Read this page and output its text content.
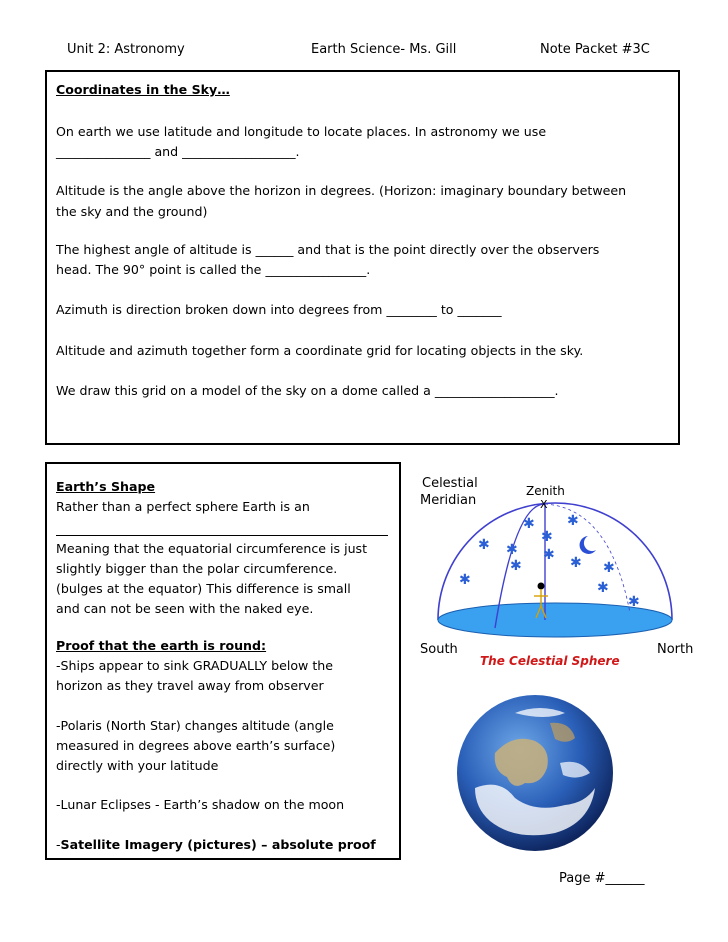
Unit 2: Astronomy	Earth Science- Ms. Gill	Note Packet #3C
Coordinates in the Sky…
On earth we use latitude and longitude to locate places. In astronomy we use
_______________ and __________________.
Altitude is the angle above the horizon in degrees. (Horizon: imaginary boundary between
the sky and the ground)
The highest angle of altitude is ______ and that is the point directly over the observers
head. The 90° point is called the ________________.
Azimuth is direction broken down into degrees from ________ to _______
Altitude and azimuth together form a coordinate grid for locating objects in the sky.
We draw this grid on a model of the sky on a dome called a ___________________.
Earth’s Shape
Rather than a perfect sphere Earth is an
Meaning that the equatorial circumference is just
slightly bigger than the polar circumference.
(bulges at the equator) This difference is small
and can not be seen with the naked eye.
Proof that the earth is round:
-Ships appear to sink GRADUALLY below the
horizon as they travel away from observer
-Polaris (North Star) changes altitude (angle
measured in degrees above earth’s surface)
directly with your latitude
-Lunar Eclipses - Earth’s shadow on the moon
-Satellite Imagery (pictures) – absolute proof
Celestial
Meridian
Zenith
X
South	North
The Celestial Sphere
✱ ✱
✱ ✱
✱
✱ ✱
✱
✱	✱
✱
✱
Page #______
